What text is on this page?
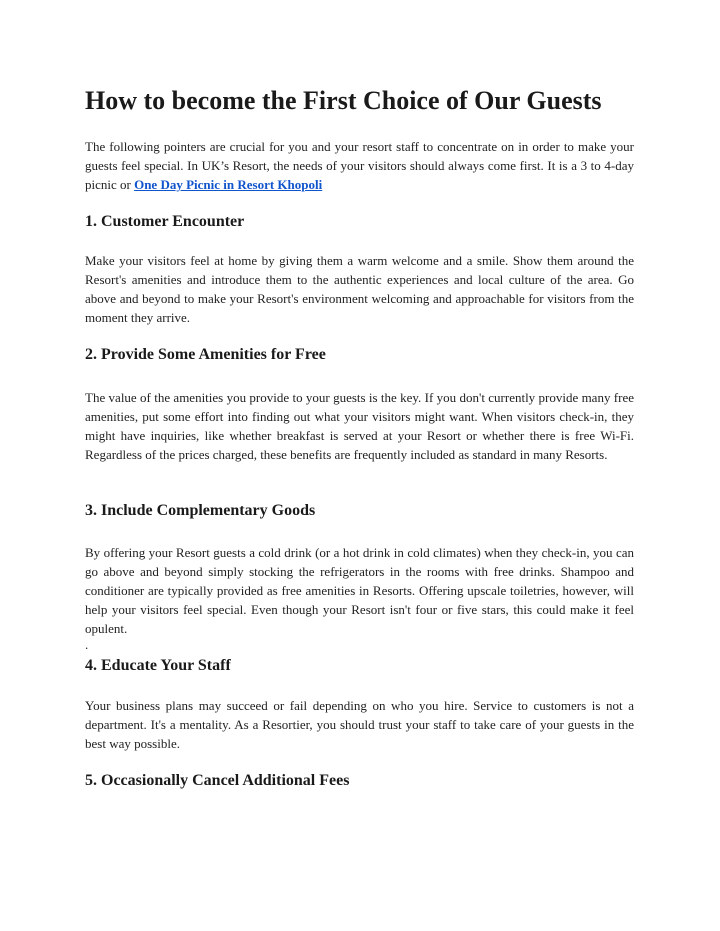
How to become the First Choice of Our Guests

The following pointers are crucial for you and your resort staff to concentrate on in order to make your guests feel special. In UK’s Resort, the needs of your visitors should always come first. It is a 3 to 4-day picnic or One Day Picnic in Resort Khopoli

1. Customer Encounter

Make your visitors feel at home by giving them a warm welcome and a smile. Show them around the Resort's amenities and introduce them to the authentic experiences and local culture of the area. Go above and beyond to make your Resort's environment welcoming and approachable for visitors from the moment they arrive.

2. Provide Some Amenities for Free

The value of the amenities you provide to your guests is the key. If you don't currently provide many free amenities, put some effort into finding out what your visitors might want. When visitors check-in, they might have inquiries, like whether breakfast is served at your Resort or whether there is free Wi-Fi. Regardless of the prices charged, these benefits are frequently included as standard in many Resorts.

3. Include Complementary Goods

By offering your Resort guests a cold drink (or a hot drink in cold climates) when they check-in, you can go above and beyond simply stocking the refrigerators in the rooms with free drinks. Shampoo and conditioner are typically provided as free amenities in Resorts. Offering upscale toiletries, however, will help your visitors feel special. Even though your Resort isn't four or five stars, this could make it feel opulent.

.
4. Educate Your Staff

Your business plans may succeed or fail depending on who you hire. Service to customers is not a department. It's a mentality. As a Resortier, you should trust your staff to take care of your guests in the best way possible.

5. Occasionally Cancel Additional Fees
